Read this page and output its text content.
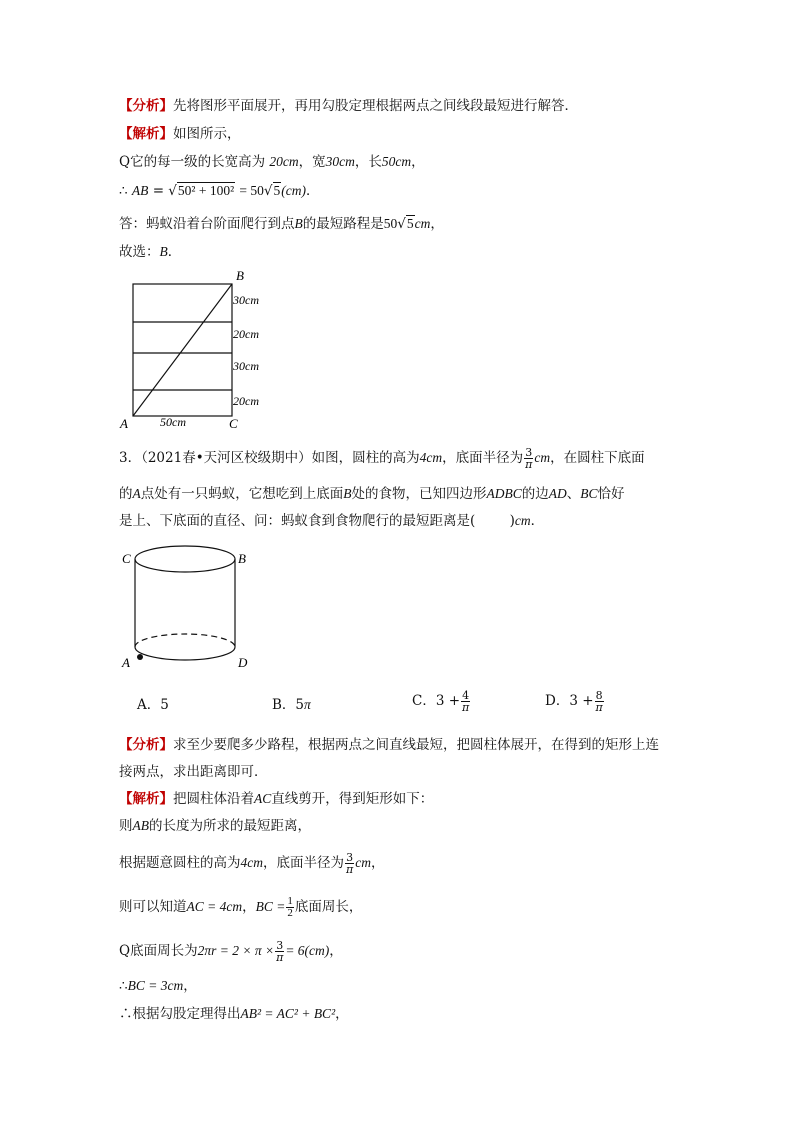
【分析】先将图形平面展开，再用勾股定理根据两点之间线段最短进行解答．
【解析】如图所示，
Q它的每一级的长宽高为 20cm，宽30cm，长50cm，
∴ AB = √50² + 100² = 50√5(cm)．
答：蚂蚁沿着台阶面爬行到点B的最短路程是50√5cm，
故选：B．
B
A	C
50cm
30cm
20cm
30cm
20cm
3．（2021春•天河区校级期中）如图，圆柱的高为4cm，底面半径为 $\frac{3}{\pi}$ cm，在圆柱下底面
的A点处有一只蚂蚁，它想吃到上底面B处的食物，已知四边形ADBC的边AD、BC恰好
是上、下底面的直径、问：蚂蚁食到食物爬行的最短距离是(	)cm．
C	B
A	D
A．5	B．5π	C．$3 + \frac{4}{\pi}$	D．$3 + \frac{8}{\pi}$
【分析】求至少要爬多少路程，根据两点之间直线最短，把圆柱体展开，在得到的矩形上连
接两点，求出距离即可．
【解析】把圆柱体沿着AC直线剪开，得到矩形如下：
则AB的长度为所求的最短距离，
根据题意圆柱的高为4cm，底面半径为 $\frac{3}{\pi}$ cm，
则可以知道AC = 4cm，BC = $\frac{1}{2}$ 底面周长，
Q底面周长为$2\pi r = 2 \times \pi \times \frac{3}{\pi} = 6(cm)$，
∴BC = 3cm，
∴根据勾股定理得出AB² = AC² + BC²，
